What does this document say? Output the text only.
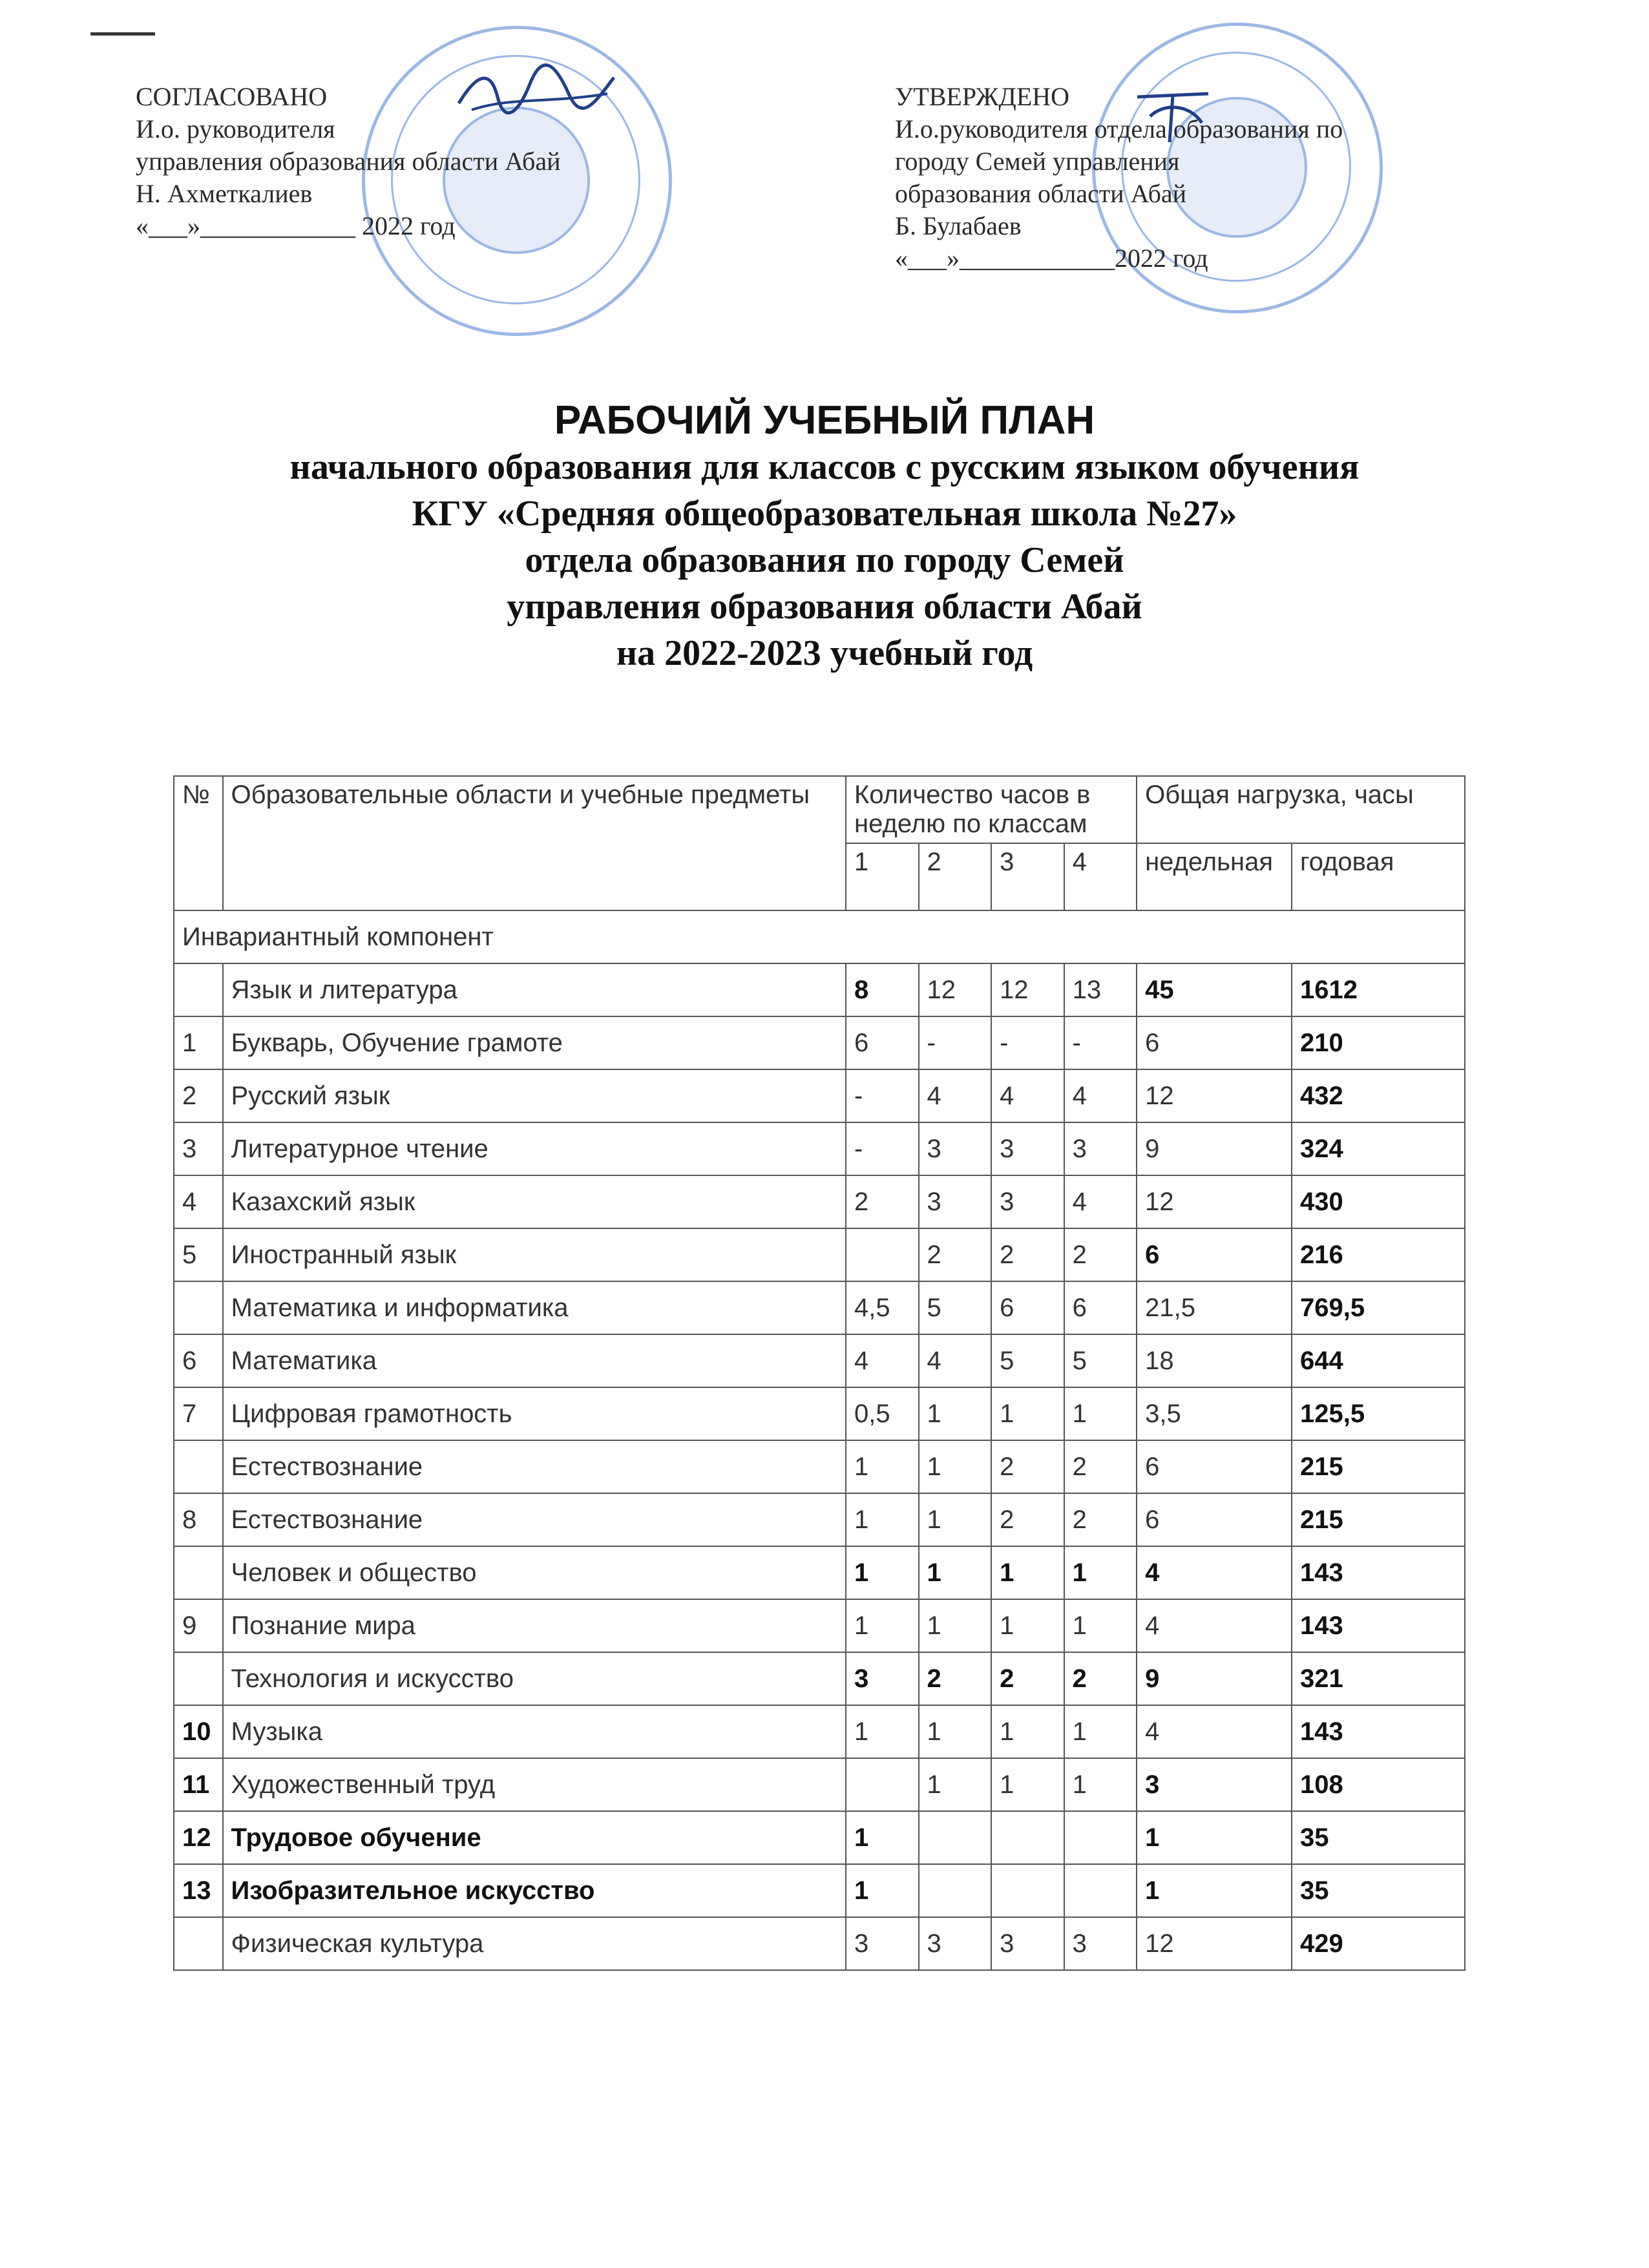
СОГЛАСОВАНО
И.о. руководителя
управления образования области Абай
Н. Ахметкалиев
«___»____________ 2022 год
УТВЕРЖДЕНО
И.о.руководителя отдела образования по
городу Семей управления
образования области Абай
Б. Булабаев
«___»____________2022 год
РАБОЧИЙ УЧЕБНЫЙ ПЛАН
начального образования для классов с русским языком обучения
КГУ «Средняя общеобразовательная школа №27»
отдела образования по городу Семей
управления образования области Абай
на 2022-2023 учебный год
№	Образовательные области и учебные предметы	Количество часов в неделю по классам				Общая нагрузка, часы	
		1	2	3	4	недельная	годовая
Инвариантный компонент							
	Язык и литература	8	12	12	13	45	1612
1	Букварь, Обучение грамоте	6	-	-	-	6	210
2	Русский язык	-	4	4	4	12	432
3	Литературное чтение	-	3	3	3	9	324
4	Казахский язык	2	3	3	4	12	430
5	Иностранный язык		2	2	2	6	216
	Математика и информатика	4,5	5	6	6	21,5	769,5
6	Математика	4	4	5	5	18	644
7	Цифровая грамотность	0,5	1	1	1	3,5	125,5
	Естествознание	1	1	2	2	6	215
8	Естествознание	1	1	2	2	6	215
	Человек и общество	1	1	1	1	4	143
9	Познание мира	1	1	1	1	4	143
	Технология и искусство	3	2	2	2	9	321
10	Музыка	1	1	1	1	4	143
11	Художественный труд		1	1	1	3	108
12	Трудовое обучение	1				1	35
13	Изобразительное искусство	1				1	35
	Физическая культура	3	3	3	3	12	429
